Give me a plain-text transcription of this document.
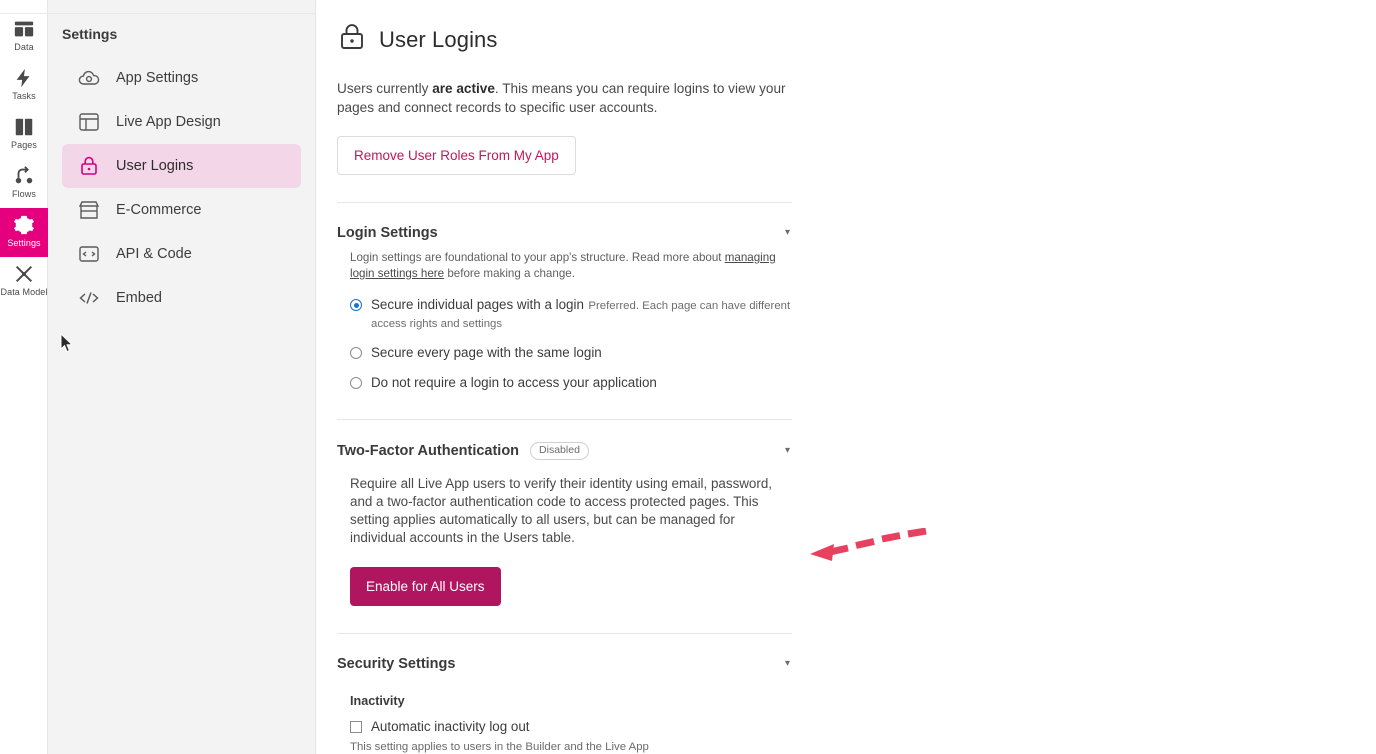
Data
Tasks
Pages
Flows
Settings
Data Model
Settings
App Settings
Live App Design
User Logins
E-Commerce
API & Code
Embed
User Logins

Users currently are active. This means you can require logins to view your pages and connect records to specific user accounts.

Remove User Roles From My App
Login Settings	▾
Login settings are foundational to your app's structure. Read more about managing login settings here before making a change.
Secure individual pages with a login Preferred. Each page can have different access rights and settings
Secure every page with the same login
Do not require a login to access your application
Two-Factor Authentication	Disabled	▾

Require all Live App users to verify their identity using email, password, and a two-factor authentication code to access protected pages. This setting applies automatically to all users, but can be managed for individual accounts in the Users table.

Enable for All Users
Security Settings	▾
Inactivity
Automatic inactivity log out
This setting applies to users in the Builder and the Live App
